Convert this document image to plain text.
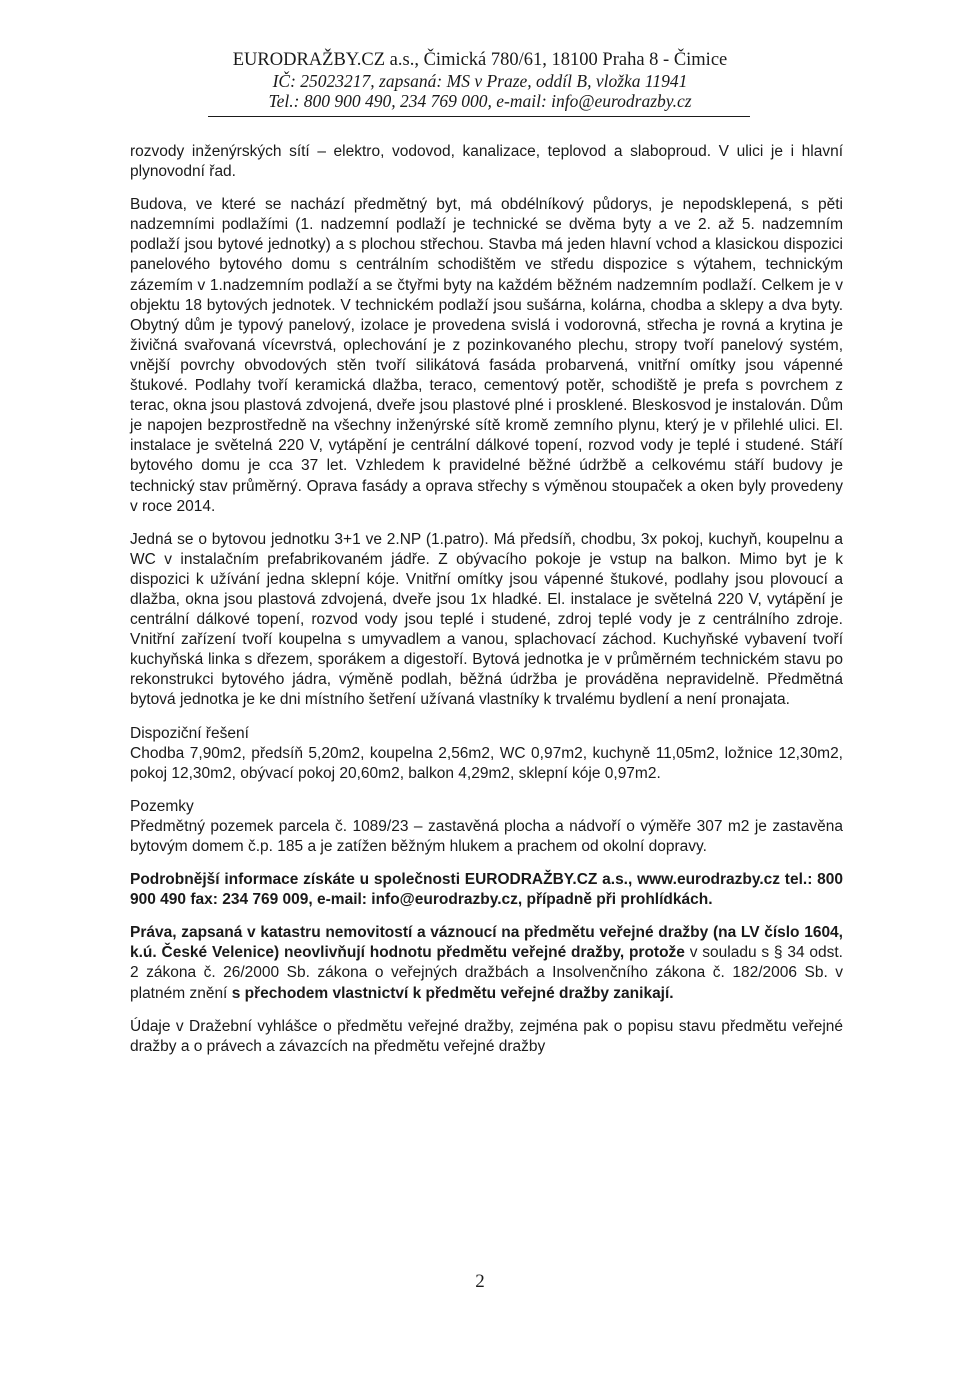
EURODRAŽBY.CZ a.s., Čimická 780/61, 18100 Praha 8 - Čimice
IČ: 25023217, zapsaná: MS v Praze, oddíl B, vložka 11941
Tel.: 800 900 490, 234 769 000, e-mail: info@eurodrazby.cz

rozvody inženýrských sítí – elektro, vodovod, kanalizace, teplovod a slaboproud. V ulici je i hlavní plynovodní řad.

Budova, ve které se nachází předmětný byt, má obdélníkový půdorys, je nepodsklepená, s pěti nadzemními podlažími (1. nadzemní podlaží je technické se dvěma byty a ve 2. až 5. nadzemním podlaží jsou bytové jednotky) a s plochou střechou. Stavba má jeden hlavní vchod a klasickou dispozici panelového bytového domu s centrálním schodištěm ve středu dispozice s výtahem, technickým zázemím v 1.nadzemním podlaží a se čtyřmi byty na každém běžném nadzemním podlaží. Celkem je v objektu 18 bytových jednotek. V technickém podlaží jsou sušárna, kolárna, chodba a sklepy a dva byty. Obytný dům je typový panelový, izolace je provedena svislá i vodorovná, střecha je rovná a krytina je živičná svařovaná vícevrstvá, oplechování je z pozinkovaného plechu, stropy tvoří panelový systém, vnější povrchy obvodových stěn tvoří silikátová fasáda probarvená, vnitřní omítky jsou vápenné štukové. Podlahy tvoří keramická dlažba, teraco, cementový potěr, schodiště je prefa s povrchem z terac, okna jsou plastová zdvojená, dveře jsou plastové plné i prosklené. Bleskosvod je instalován. Dům je napojen bezprostředně na všechny inženýrské sítě kromě zemního plynu, který je v přilehlé ulici. El. instalace je světelná 220 V, vytápění je centrální dálkové topení, rozvod vody je teplé i studené. Stáří bytového domu je cca 37 let. Vzhledem k pravidelné běžné údržbě a celkovému stáří budovy je technický stav průměrný. Oprava fasády a oprava střechy s výměnou stoupaček a oken byly provedeny v roce 2014.

Jedná se o bytovou jednotku 3+1 ve 2.NP (1.patro). Má předsíň, chodbu, 3x pokoj, kuchyň, koupelnu a WC v instalačním prefabrikovaném jádře. Z obývacího pokoje je vstup na balkon. Mimo byt je k dispozici k užívání jedna sklepní kóje. Vnitřní omítky jsou vápenné štukové, podlahy jsou plovoucí a dlažba, okna jsou plastová zdvojená, dveře jsou 1x hladké. El. instalace je světelná 220 V, vytápění je centrální dálkové topení, rozvod vody jsou teplé i studené, zdroj teplé vody je z centrálního zdroje. Vnitřní zařízení tvoří koupelna s umyvadlem a vanou, splachovací záchod. Kuchyňské vybavení tvoří kuchyňská linka s dřezem, sporákem a digestoří. Bytová jednotka je v průměrném technickém stavu po rekonstrukci bytového jádra, výměně podlah, běžná údržba je prováděna nepravidelně. Předmětná bytová jednotka je ke dni místního šetření užívaná vlastníky k trvalému bydlení a není pronajata.

Dispoziční řešení

Chodba 7,90m2, předsíň 5,20m2, koupelna 2,56m2, WC 0,97m2, kuchyně 11,05m2, ložnice 12,30m2, pokoj 12,30m2, obývací pokoj 20,60m2, balkon 4,29m2, sklepní kóje 0,97m2.

Pozemky

Předmětný pozemek parcela č. 1089/23 – zastavěná plocha a nádvoří o výměře 307 m2 je zastavěna bytovým domem č.p. 185 a je zatížen běžným hlukem a prachem od okolní dopravy.

Podrobnější informace získáte u společnosti EURODRAŽBY.CZ a.s., www.eurodrazby.cz tel.: 800 900 490 fax: 234 769 009, e-mail: info@eurodrazby.cz, případně při prohlídkách.

Práva, zapsaná v katastru nemovitostí a váznoucí na předmětu veřejné dražby (na LV číslo 1604, k.ú. České Velenice) neovlivňují hodnotu předmětu veřejné dražby, protože v souladu s § 34 odst. 2 zákona č. 26/2000 Sb. zákona o veřejných dražbách a Insolvenčního zákona č. 182/2006 Sb. v platném znění s přechodem vlastnictví k předmětu veřejné dražby zanikají.

Údaje v Dražební vyhlášce o předmětu veřejné dražby, zejména pak o popisu stavu předmětu veřejné dražby a o právech a závazcích na předmětu veřejné dražby

2
